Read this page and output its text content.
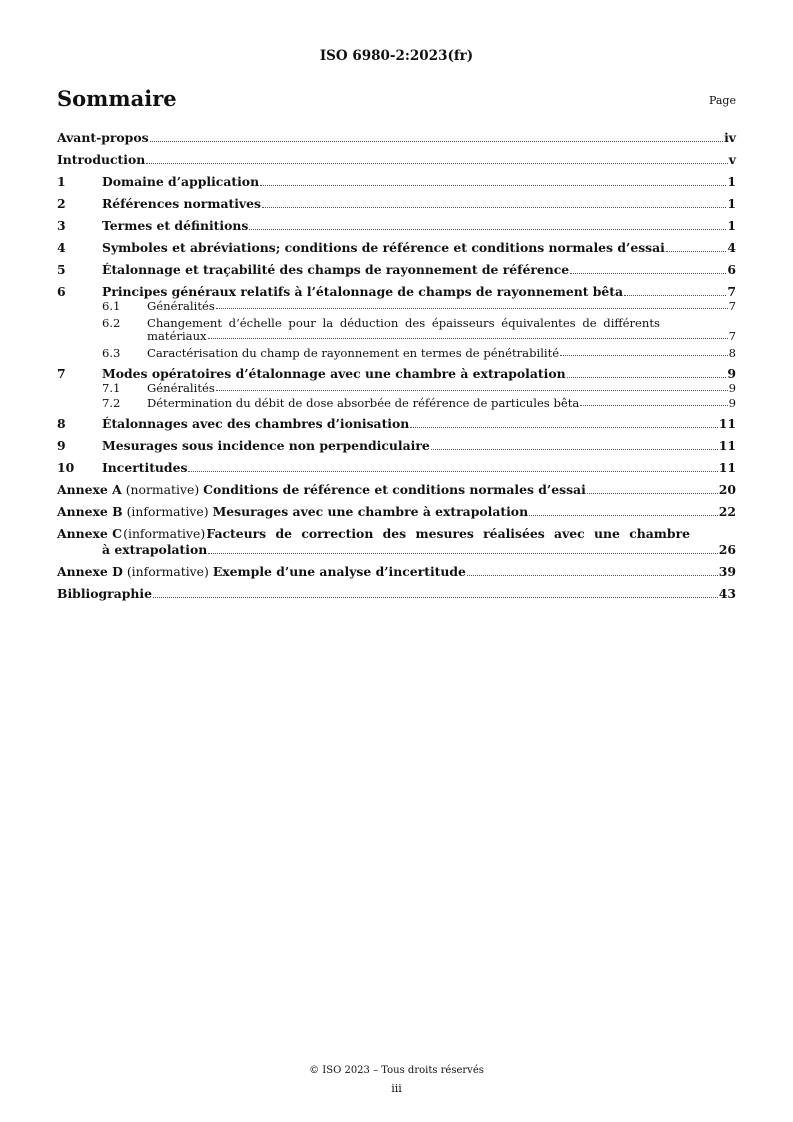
ISO 6980-2:2023(fr)
Sommaire	Page
Avant-propos	iv
Introduction	v
1	Domaine d’application	1
2	Références normatives	1
3	Termes et définitions	1
4	Symboles et abréviations; conditions de référence et conditions normales d’essai	4
5	Étalonnage et traçabilité des champs de rayonnement de référence	6
6	Principes généraux relatifs à l’étalonnage de champs de rayonnement bêta	7
6.1	Généralités	7
6.2	Changement d’échelle pour la déduction des épaisseurs équivalentes de différents
matériaux	7
6.3	Caractérisation du champ de rayonnement en termes de pénétrabilité	8
7	Modes opératoires d’étalonnage avec une chambre à extrapolation	9
7.1	Généralités	9
7.2	Détermination du débit de dose absorbée de référence de particules bêta	9
8	Étalonnages avec des chambres d’ionisation	11
9	Mesurages sous incidence non perpendiculaire	11
10	Incertitudes	11
Annexe A (normative) Conditions de référence et conditions normales d’essai	20
Annexe B (informative) Mesurages avec une chambre à extrapolation	22
Annexe C (informative) Facteurs de correction des mesures réalisées avec une chambre
à extrapolation	26
Annexe D (informative) Exemple d’une analyse d’incertitude	39
Bibliographie	43
© ISO 2023 – Tous droits réservés
iii
